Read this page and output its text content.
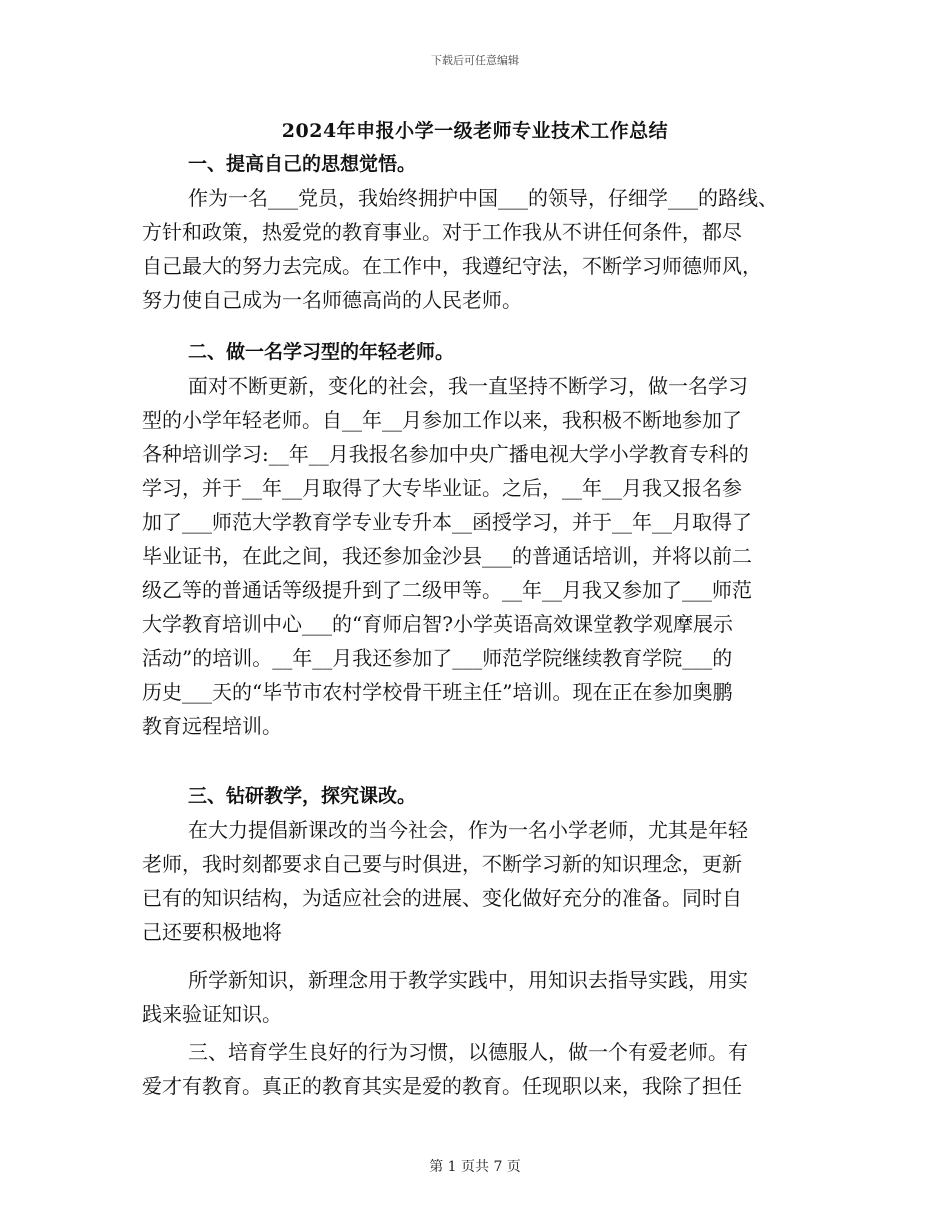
下载后可任意编辑
2024年申报小学一级老师专业技术工作总结
一、提高自己的思想觉悟。
作为一名___党员，我始终拥护中国___的领导，仔细学___的路线、
方针和政策，热爱党的教育事业。对于工作我从不讲任何条件，都尽
自己最大的努力去完成。在工作中，我遵纪守法，不断学习师德师风，
努力使自己成为一名师德高尚的人民老师。
二、做一名学习型的年轻老师。
面对不断更新，变化的社会，我一直坚持不断学习，做一名学习
型的小学年轻老师。自__年__月参加工作以来，我积极不断地参加了
各种培训学习:__年__月我报名参加中央广播电视大学小学教育专科的
学习，并于__年__月取得了大专毕业证。之后，__年__月我又报名参
加了___师范大学教育学专业专升本__函授学习，并于__年__月取得了
毕业证书，在此之间，我还参加金沙县___的普通话培训，并将以前二
级乙等的普通话等级提升到了二级甲等。__年__月我又参加了___师范
大学教育培训中心___的“育师启智?小学英语高效课堂教学观摩展示
活动”的培训。__年__月我还参加了___师范学院继续教育学院___的
历史___天的“毕节市农村学校骨干班主任”培训。现在正在参加奥鹏
教育远程培训。
三、钻研教学，探究课改。
在大力提倡新课改的当今社会，作为一名小学老师，尤其是年轻
老师，我时刻都要求自己要与时俱进，不断学习新的知识理念，更新
已有的知识结构，为适应社会的进展、变化做好充分的准备。同时自
己还要积极地将
所学新知识，新理念用于教学实践中，用知识去指导实践，用实
践来验证知识。
三、培育学生良好的行为习惯，以德服人，做一个有爱老师。有
爱才有教育。真正的教育其实是爱的教育。任现职以来，我除了担任
第 1 页共 7 页
